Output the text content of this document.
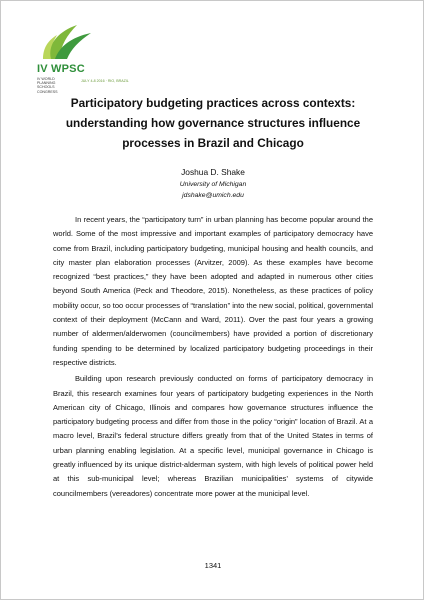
IV WPSC
IV WORLD PLANNING SCHOOLS CONGRESS
JULY 4-8 2016 · RIO, BRAZIL
Participatory budgeting practices across contexts:
understanding how governance structures influence
processes in Brazil and Chicago
Joshua D. Shake
University of Michigan
jdshake@umich.edu

In recent years, the “participatory turn” in urban planning has become popular around the world. Some of the most impressive and important examples of participatory democracy have come from Brazil, including participatory budgeting, municipal housing and health councils, and city master plan elaboration processes (Arvitzer, 2009). As these examples have become recognized “best practices,” they have been adopted and adapted in numerous other cities beyond South America (Peck and Theodore, 2015). Nonetheless, as these practices of policy mobility occur, so too occur processes of “translation” into the new social, political, governmental context of their deployment (McCann and Ward, 2011). Over the past four years a growing number of aldermen/alderwomen (councilmembers) have provided a portion of discretionary funding spending to be determined by localized participatory budgeting proceedings in their respective districts.

Building upon research previously conducted on forms of participatory democracy in Brazil, this research examines four years of participatory budgeting experiences in the North American city of Chicago, Illinois and compares how governance structures influence the participatory budgeting process and differ from those in the policy “origin” location of Brazil. At a macro level, Brazil’s federal structure differs greatly from that of the United States in terms of urban planning enabling legislation. At a specific level, municipal governance in Chicago is greatly influenced by its unique district-alderman system, with high levels of political power held at this sub-municipal level; whereas Brazilian municipalities’ systems of citywide councilmembers (vereadores) concentrate more power at the municipal level.

1341
